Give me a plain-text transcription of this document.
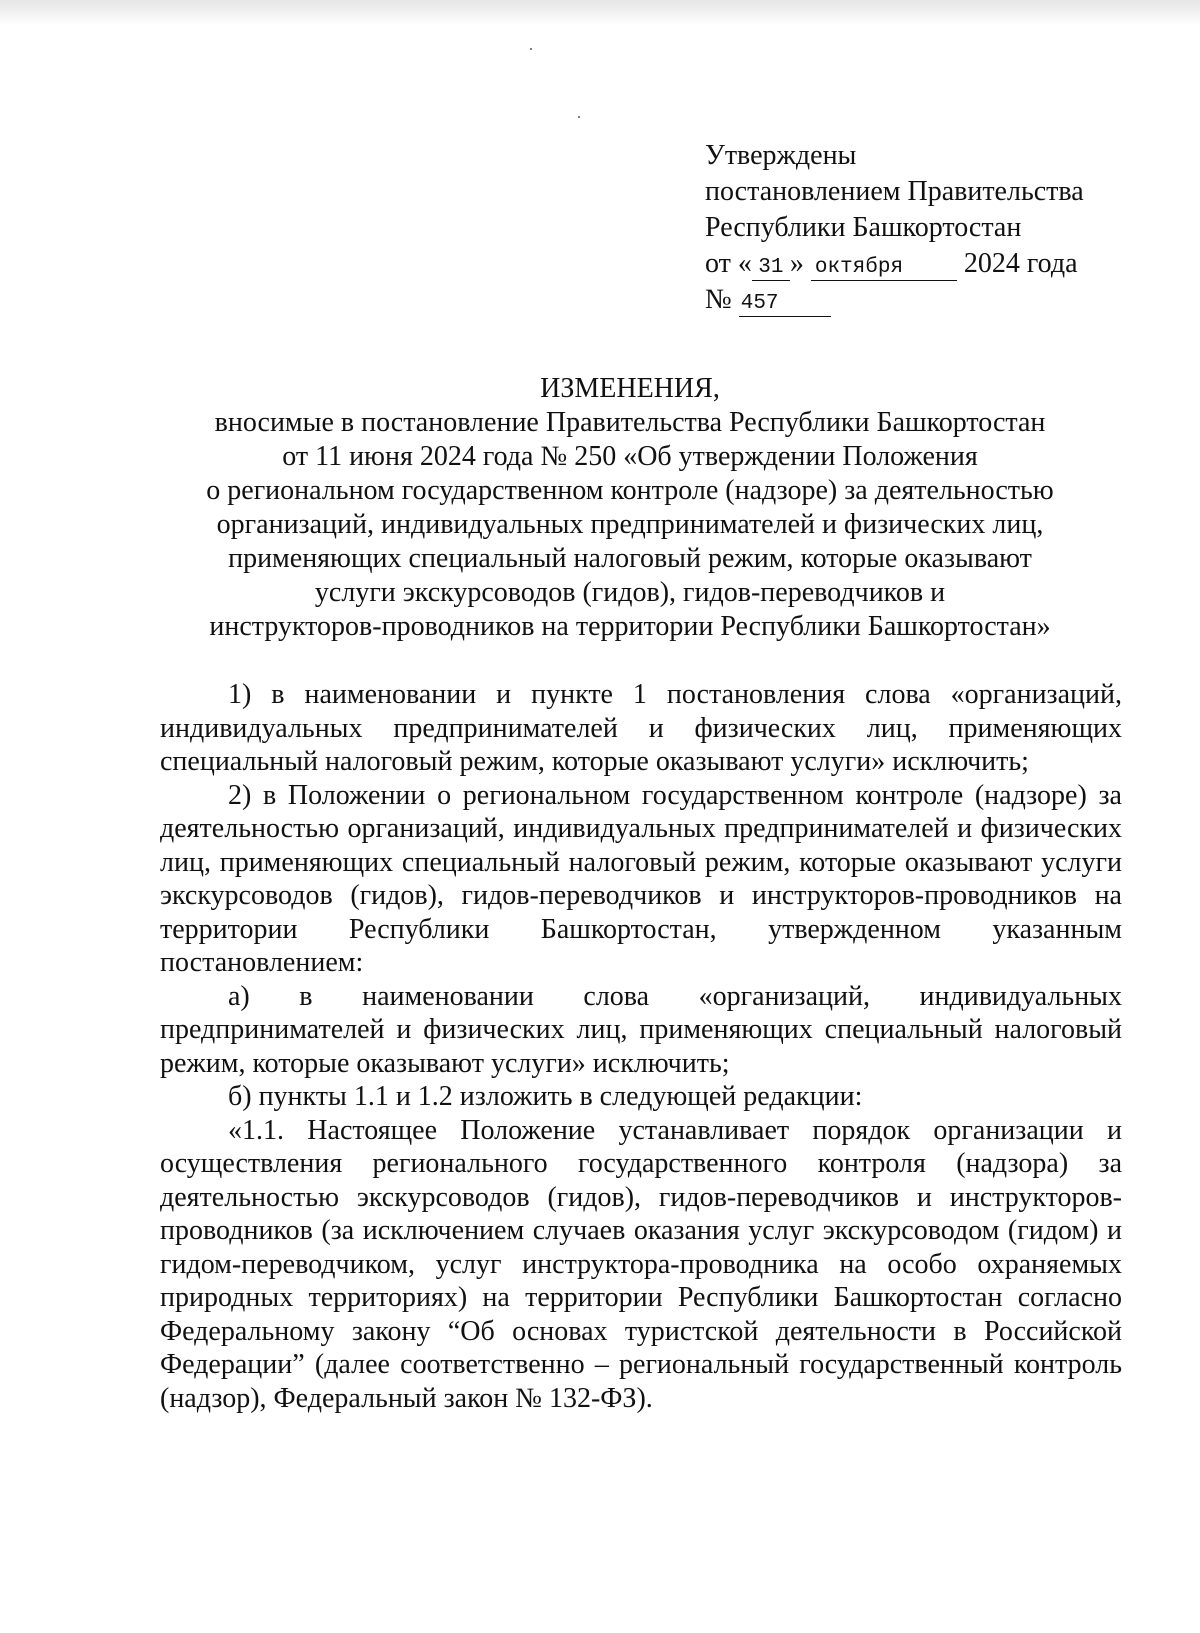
Утверждены
постановлением Правительства
Республики Башкортостан
от « 31 » октября 2024 года
№ 457
ИЗМЕНЕНИЯ,
вносимые в постановление Правительства Республики Башкортостан
от 11 июня 2024 года № 250 «Об утверждении Положения
о региональном государственном контроле (надзоре) за деятельностью
организаций, индивидуальных предпринимателей и физических лиц,
применяющих специальный налоговый режим, которые оказывают
услуги экскурсоводов (гидов), гидов-переводчиков и
инструкторов-проводников на территории Республики Башкортостан»

1) в наименовании и пункте 1 постановления слова «организаций, индивидуальных предпринимателей и физических лиц, применяющих специальный налоговый режим, которые оказывают услуги» исключить;

2) в Положении о региональном государственном контроле (надзоре) за деятельностью организаций, индивидуальных предпринимателей и физических лиц, применяющих специальный налоговый режим, которые оказывают услуги экскурсоводов (гидов), гидов-переводчиков и инструкторов-проводников на территории Республики Башкортостан, утвержденном указанным постановлением:

а) в наименовании слова «организаций, индивидуальных предпринимателей и физических лиц, применяющих специальный налоговый режим, которые оказывают услуги» исключить;

б) пункты 1.1 и 1.2 изложить в следующей редакции:

«1.1. Настоящее Положение устанавливает порядок организации и осуществления регионального государственного контроля (надзора) за деятельностью экскурсоводов (гидов), гидов-переводчиков и инструкторов-проводников (за исключением случаев оказания услуг экскурсоводом (гидом) и гидом-переводчиком, услуг инструктора-проводника на особо охраняемых природных территориях) на территории Республики Башкортостан согласно Федеральному закону “Об основах туристской деятельности в Российской Федерации” (далее соответственно – региональный государственный контроль (надзор), Федеральный закон № 132-ФЗ).
